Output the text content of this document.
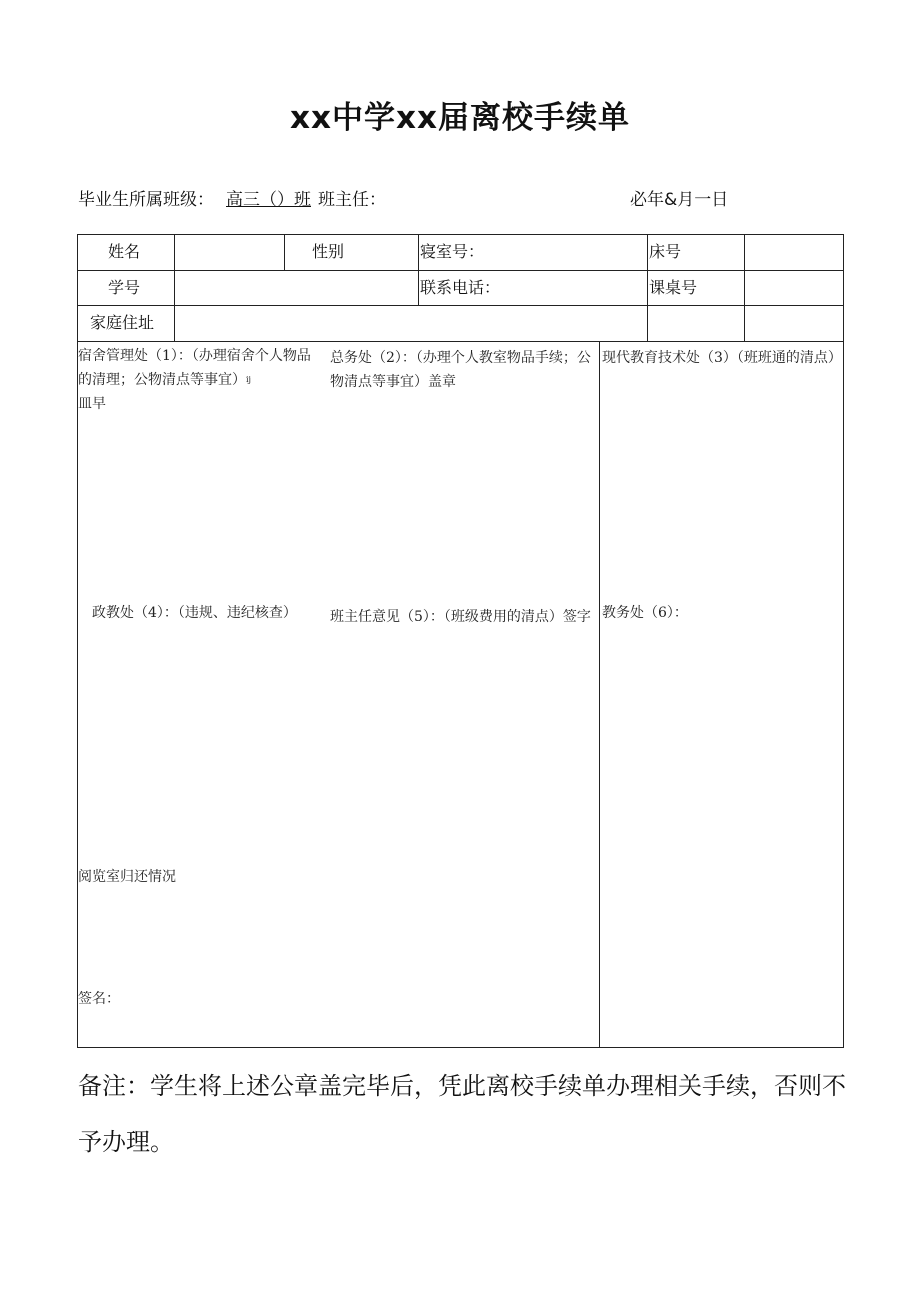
xx中学xx届离校手续单
毕业生所属班级： 高三（）班 班主任：	必年&月一日
姓名	性别	寝室号：	床号
学号	联系电话：	课桌号
家庭住址
宿舍管理处（1）：（办理宿舍个人物品的清理；公物清点等事宜）ij
皿早
总务处（2）：（办理个人教室物品手续；公物清点等事宜）盖章
现代教育技术处（3）（班班通的清点）
政教处（4）：（违规、违纪核查）	班主任意见（5）：（班级费用的清点）签字 教务处（6）：
阅览室归还情况
签名：
备注：学生将上述公章盖完毕后，凭此离校手续单办理相关手续，否则不予办理。
